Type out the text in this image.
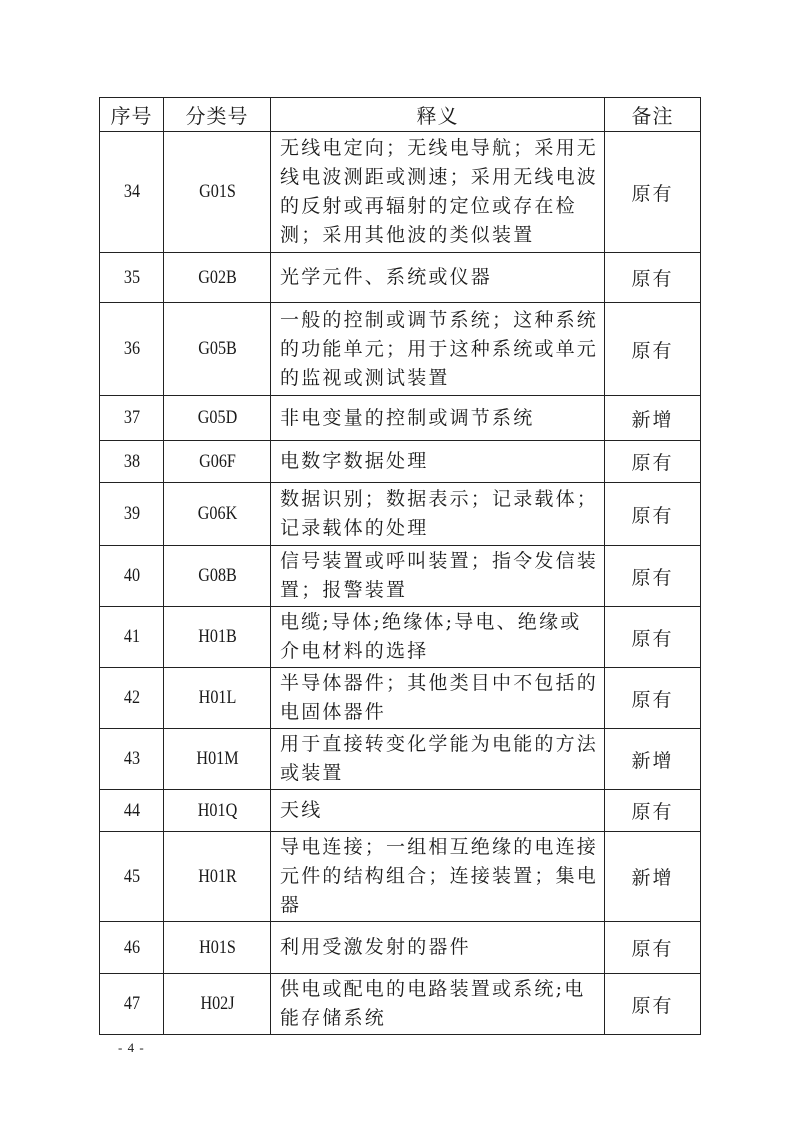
序号	分类号	释义	备注
34	G01S	无线电定向；无线电导航；采用无线电波测距或测速；采用无线电波的反射或再辐射的定位或存在检测；采用其他波的类似装置	原有
35	G02B	光学元件、系统或仪器	原有
36	G05B	一般的控制或调节系统；这种系统的功能单元；用于这种系统或单元的监视或测试装置	原有
37	G05D	非电变量的控制或调节系统	新增
38	G06F	电数字数据处理	原有
39	G06K	数据识别；数据表示；记录载体；记录载体的处理	原有
40	G08B	信号装置或呼叫装置；指令发信装置；报警装置	原有
41	H01B	电缆;导体;绝缘体;导电、绝缘或介电材料的选择	原有
42	H01L	半导体器件；其他类目中不包括的电固体器件	原有
43	H01M	用于直接转变化学能为电能的方法或装置	新增
44	H01Q	天线	原有
45	H01R	导电连接；一组相互绝缘的电连接元件的结构组合；连接装置；集电器	新增
46	H01S	利用受激发射的器件	原有
47	H02J	供电或配电的电路装置或系统;电能存储系统	原有
- 4 -
